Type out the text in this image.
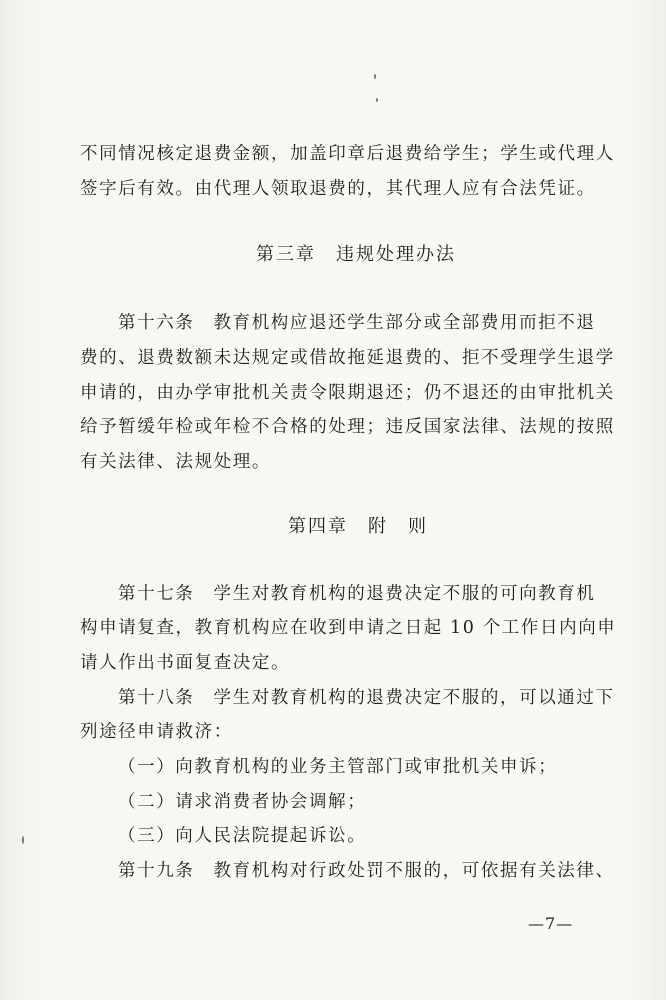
不同情况核定退费金额，加盖印章后退费给学生；学生或代理人
签字后有效。由代理人领取退费的，其代理人应有合法凭证。
第三章　违规处理办法
第十六条　教育机构应退还学生部分或全部费用而拒不退
费的、退费数额未达规定或借故拖延退费的、拒不受理学生退学
申请的，由办学审批机关责令限期退还；仍不退还的由审批机关
给予暂缓年检或年检不合格的处理；违反国家法律、法规的按照
有关法律、法规处理。
第四章　附　则
第十七条　学生对教育机构的退费决定不服的可向教育机
构申请复查，教育机构应在收到申请之日起 10 个工作日内向申
请人作出书面复查决定。
第十八条　学生对教育机构的退费决定不服的，可以通过下
列途径申请救济：
（一）向教育机构的业务主管部门或审批机关申诉；
（二）请求消费者协会调解；
（三）向人民法院提起诉讼。
第十九条　教育机构对行政处罚不服的，可依据有关法律、
—7—
